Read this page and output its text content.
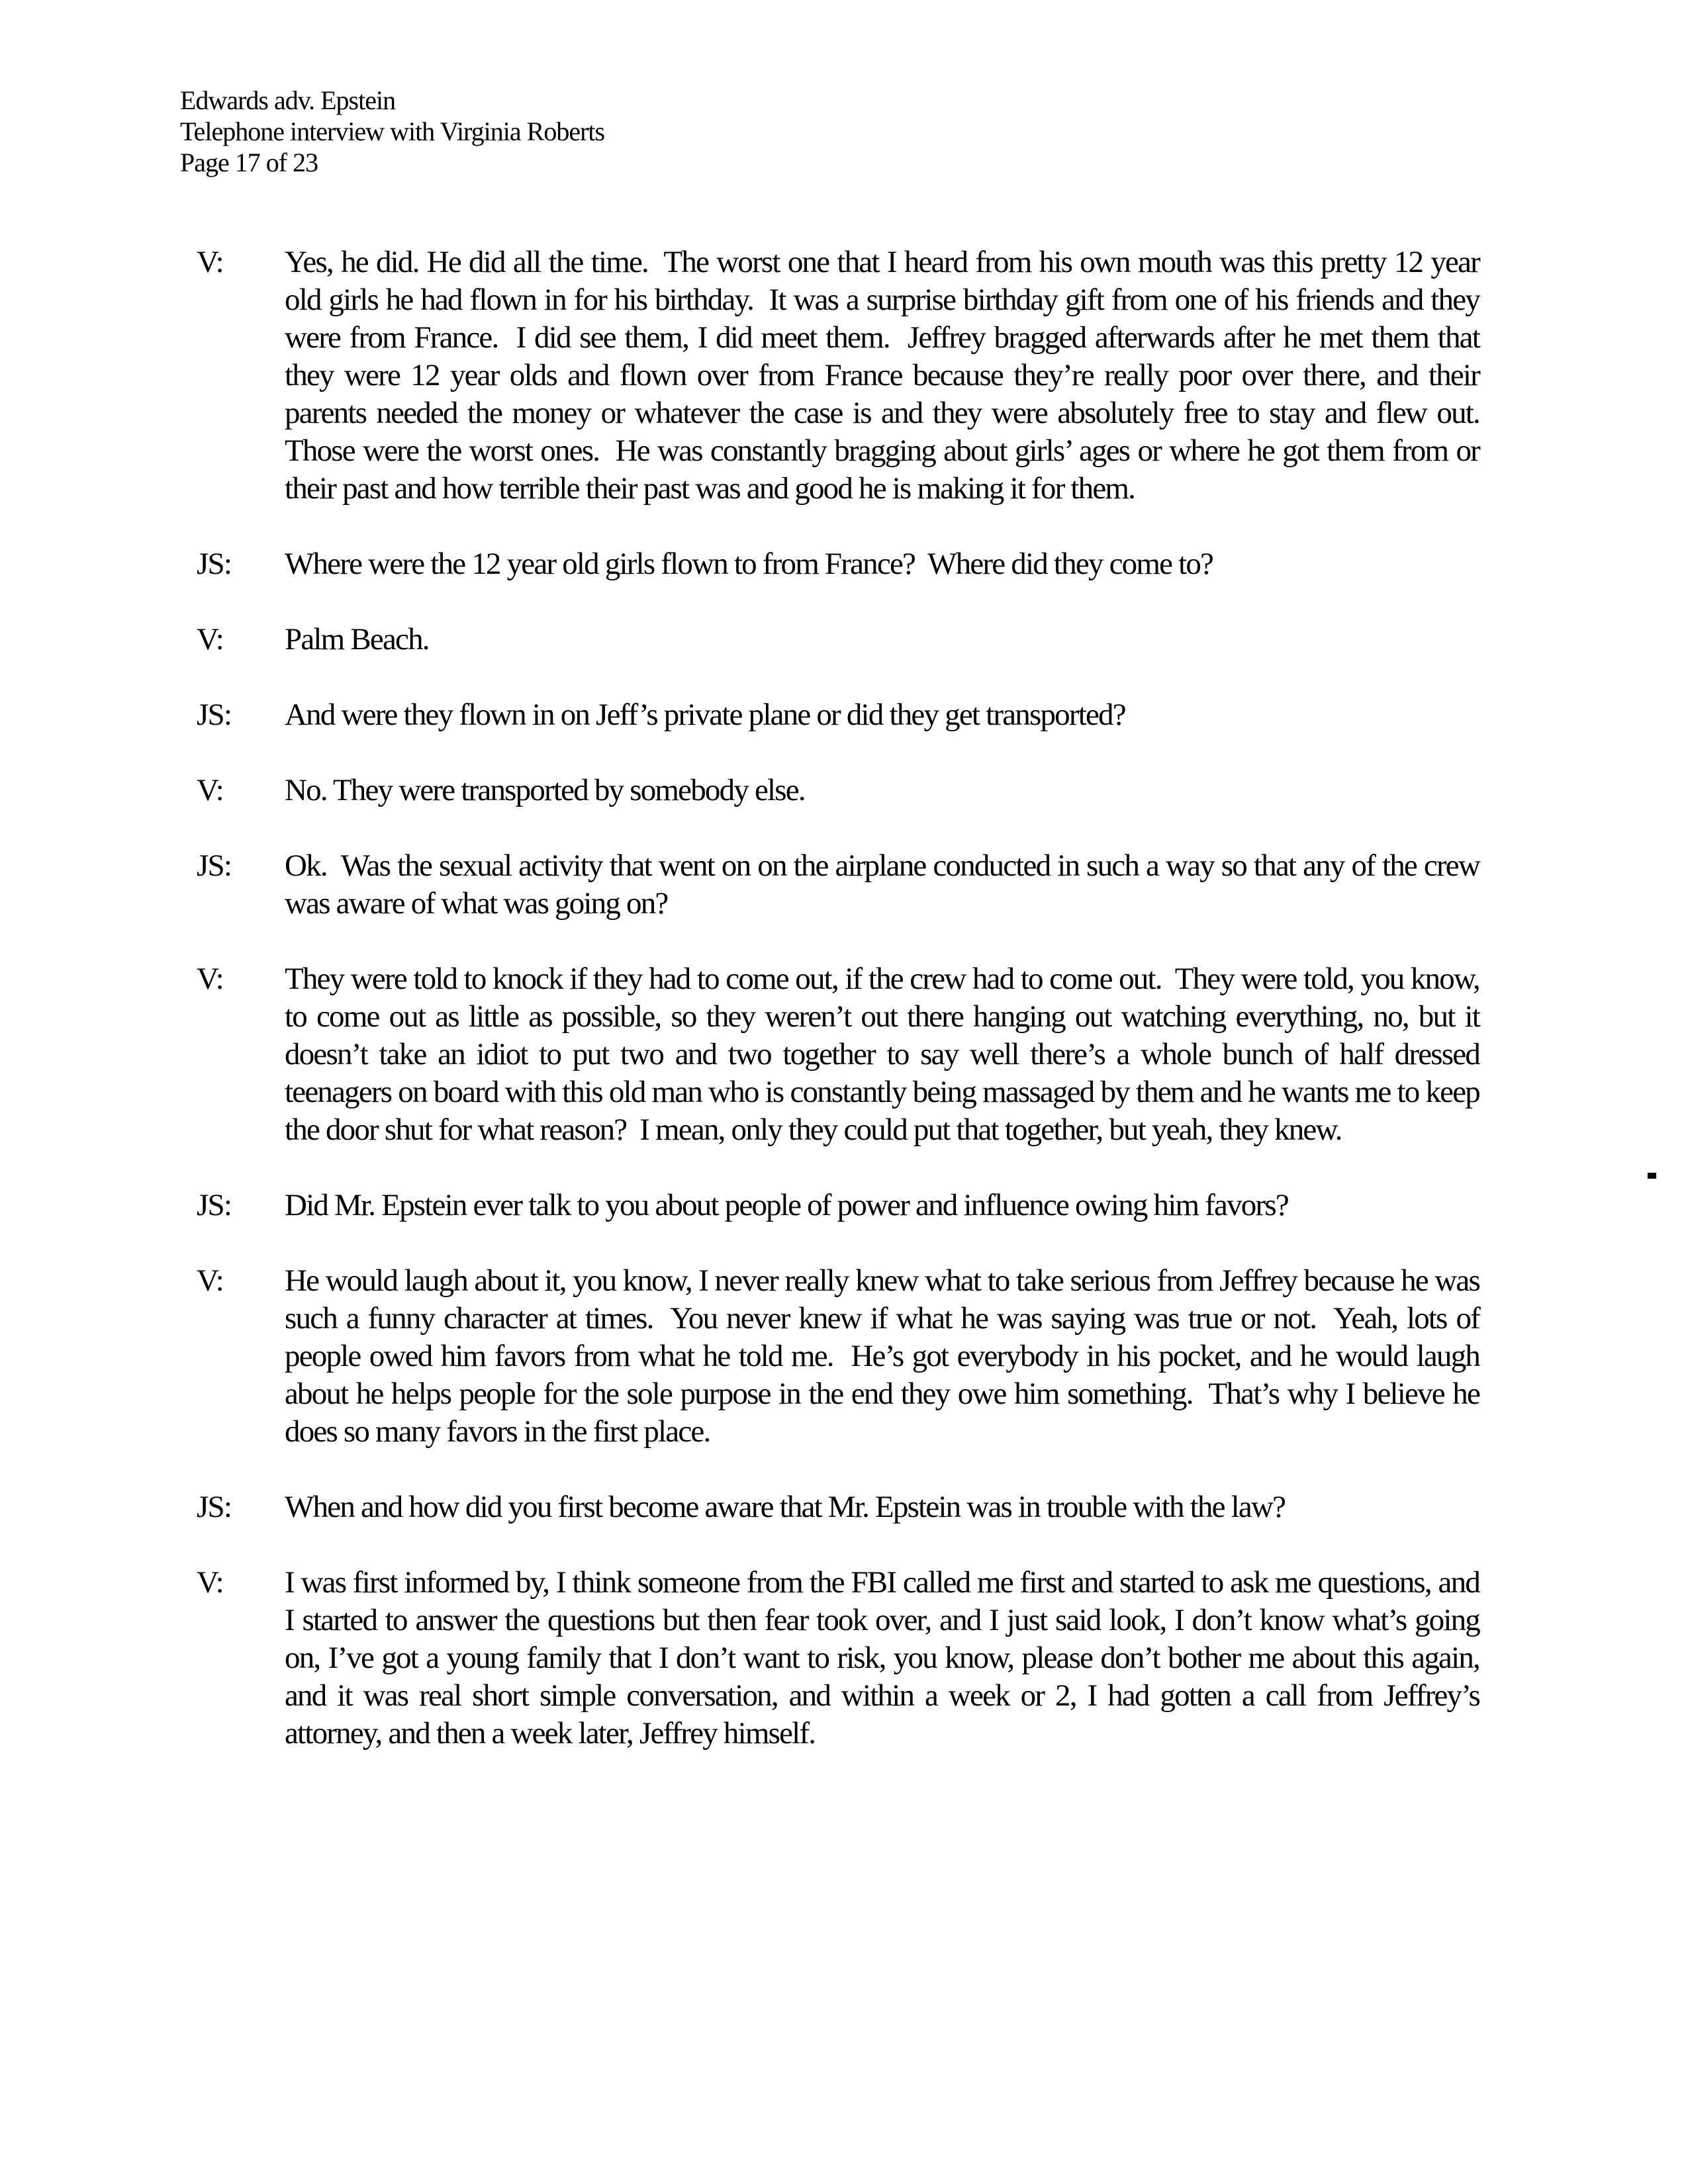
Edwards adv. Epstein
Telephone interview with Virginia Roberts
Page 17 of 23
V:	Yes, he did. He did all the time.  The worst one that I heard from his own mouth was this pretty 12 year old girls he had flown in for his birthday.  It was a surprise birthday gift from one of his friends and they were from France.  I did see them, I did meet them.  Jeffrey bragged afterwards after he met them that they were 12 year olds and flown over from France because they’re really poor over there, and their parents needed the money or whatever the case is and they were absolutely free to stay and flew out.  Those were the worst ones.  He was constantly bragging about girls’ ages or where he got them from or their past and how terrible their past was and good he is making it for them.
JS:	Where were the 12 year old girls flown to from France?  Where did they come to?
V:	Palm Beach.
JS:	And were they flown in on Jeff’s private plane or did they get transported?
V:	No. They were transported by somebody else.
JS:	Ok.  Was the sexual activity that went on on the airplane conducted in such a way so that any of the crew was aware of what was going on?
V:	They were told to knock if they had to come out, if the crew had to come out.  They were told, you know, to come out as little as possible, so they weren’t out there hanging out watching everything, no, but it doesn’t take an idiot to put two and two together to say well there’s a whole bunch of half dressed teenagers on board with this old man who is constantly being massaged by them and he wants me to keep the door shut for what reason?  I mean, only they could put that together, but yeah, they knew.
JS:	Did Mr. Epstein ever talk to you about people of power and influence owing him favors?
V:	He would laugh about it, you know, I never really knew what to take serious from Jeffrey because he was such a funny character at times.  You never knew if what he was saying was true or not.  Yeah, lots of people owed him favors from what he told me.  He’s got everybody in his pocket, and he would laugh about he helps people for the sole purpose in the end they owe him something.  That’s why I believe he does so many favors in the first place.
JS:	When and how did you first become aware that Mr. Epstein was in trouble with the law?
V:	I was first informed by, I think someone from the FBI called me first and started to ask me questions, and I started to answer the questions but then fear took over, and I just said look, I don’t know what’s going on, I’ve got a young family that I don’t want to risk, you know, please don’t bother me about this again, and it was real short simple conversation, and within a week or 2, I had gotten a call from Jeffrey’s attorney, and then a week later, Jeffrey himself.
